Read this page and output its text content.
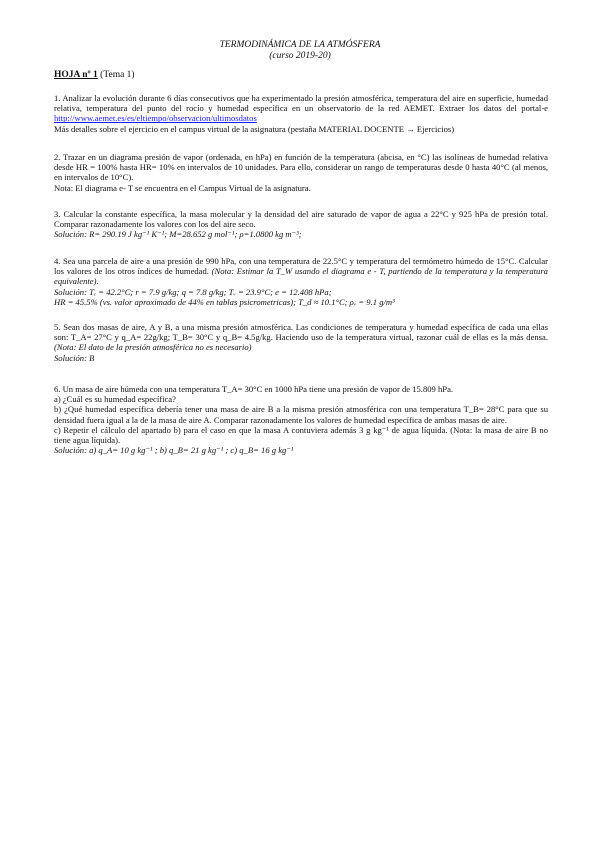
TERMODINÁMICA DE LA ATMÓSFERA
(curso 2019-20)
HOJA nº 1 (Tema 1)
1. Analizar la evolución durante 6 días consecutivos que ha experimentado la presión atmosférica, temperatura del aire en superficie, humedad relativa, temperatura del punto del rocío y humedad específica en un observatorio de la red AEMET. Extraer los datos del portal-e http://www.aemet.es/es/eltiempo/observacion/ultimosdatos
Más detalles sobre el ejercicio en el campus virtual de la asignatura (pestaña MATERIAL DOCENTE → Ejercicios)
2. Trazar en un diagrama presión de vapor (ordenada, en hPa) en función de la temperatura (abcisa, en °C) las isolíneas de humedad relativa desde HR = 100% hasta HR= 10% en intervalos de 10 unidades. Para ello, considerar un rango de temperaturas desde 0 hasta 40°C (al menos, en intervalos de 10°C).
Nota: El diagrama e- T se encuentra en el Campus Virtual de la asignatura.
3. Calcular la constante específica, la masa molecular y la densidad del aire saturado de vapor de agua a 22°C y 925 hPa de presión total. Comparar razonadamente los valores con los del aire seco.
Solución: R= 290.19 J kg⁻¹ K⁻¹; M=28.652 g mol⁻¹; ρ=1.0800 kg m⁻³;
4. Sea una parcela de aire a una presión de 990 hPa, con una temperatura de 22.5°C y temperatura del termómetro húmedo de 15°C. Calcular los valores de los otros índices de humedad. (Nota: Estimar la T_W usando el diagrama e - T, partiendo de la temperatura y la temperatura equivalente).
Solución: Tₑ = 42.2°C; r = 7.9 g/kg; q = 7.8 g/kg; Tᵥ = 23.9°C; e = 12.408 hPa;
HR = 45.5% (vs. valor aproximado de 44% en tablas psicrometricas); T_d ≈ 10.1°C; ρᵥ = 9.1 g/m³
5. Sean dos masas de aire, A y B, a una misma presión atmosférica. Las condiciones de temperatura y humedad específica de cada una ellas son: T_A= 27°C y q_A= 22g/kg; T_B= 30°C y q_B= 4.5g/kg. Haciendo uso de la temperatura virtual, razonar cuál de ellas es la más densa. (Nota: El dato de la presión atmosférica no es necesario)
Solución: B
6. Un masa de aire húmeda con una temperatura T_A= 30°C en 1000 hPa tiene una presión de vapor de 15.809 hPa.
a) ¿Cuál es su humedad específica?
b) ¿Qué humedad específica debería tener una masa de aire B a la misma presión atmosférica con una temperatura T_B= 28°C para que su densidad fuera igual a la de la masa de aire A. Comparar razonadamente los valores de humedad específica de ambas masas de aire.
c) Repetir el cálculo del apartado b) para el caso en que la masa A contuviera además 3 g kg⁻¹ de agua líquida. (Nota: la masa de aire B no tiene agua líquida).
Solución: a) q_A= 10 g kg⁻¹ ; b) q_B= 21 g kg⁻¹ ; c) q_B= 16 g kg⁻¹
